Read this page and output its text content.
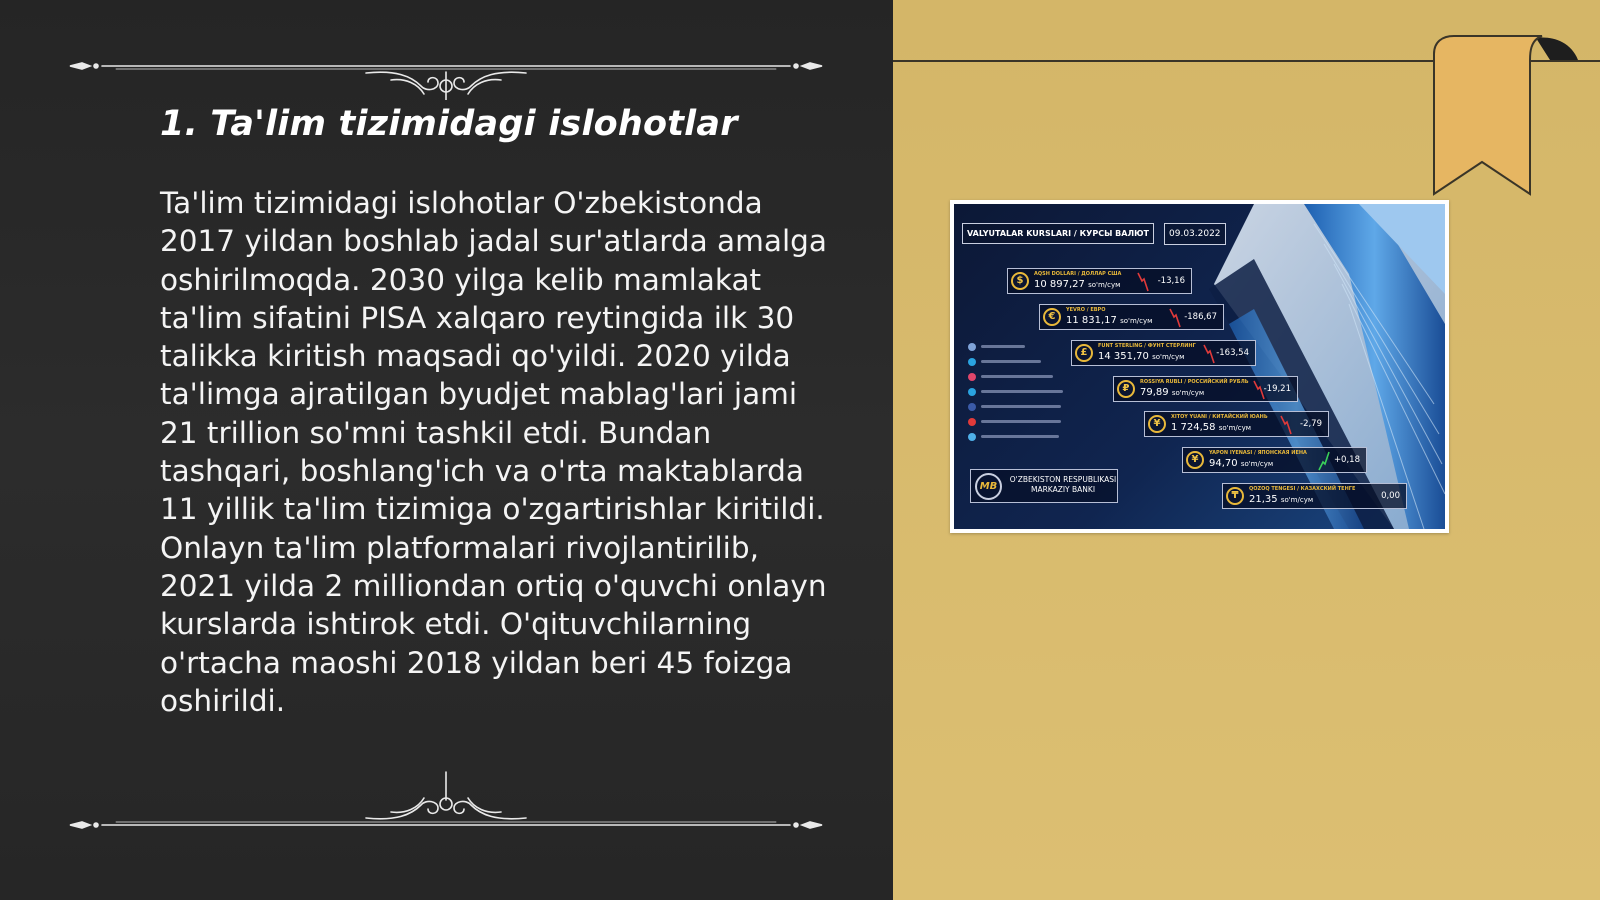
1. Ta'lim tizimidagi islohotlar

Ta'lim tizimidagi islohotlar O'zbekistonda 2017 yildan boshlab jadal sur'atlarda amalga oshirilmoqda. 2030 yilga kelib mamlakat ta'lim sifatini PISA xalqaro reytingida ilk 30 talikka kiritish maqsadi qo'yildi. 2020 yilda ta'limga ajratilgan byudjet mablag'lari jami 21 trillion so'mni tashkil etdi. Bundan tashqari, boshlang'ich va o'rta maktablarda 11 yillik ta'lim tizimiga o'zgartirishlar kiritildi. Onlayn ta'lim platformalari rivojlantirilib, 2021 yilda 2 milliondan ortiq o'quvchi onlayn kurslarda ishtirok etdi. O'qituvchilarning o'rtacha maoshi 2018 yildan beri 45 foizga oshirildi.

VALYUTALAR KURSLARI / КУРСЫ ВАЛЮТ	09.03.2022
$
AQSH DOLLARI / ДОЛЛАР США
10 897,27 so'm/сум	-13,16
€
YEVRO / ЕВРО
11 831,17 so'm/сум	-186,67
£
FUNT STERLING / ФУНТ СТЕРЛИНГ
14 351,70 so'm/сум	-163,54
₽
ROSSIYA RUBLI / РОССИЙСКИЙ РУБЛЬ
79,89 so'm/сум	-19,21
¥
XITOY YUANI / КИТАЙСКИЙ ЮАНЬ
1 724,58 so'm/сум	-2,79
¥
YAPON IYENASI / ЯПОНСКАЯ ИЕНА
94,70 so'm/сум	+0,18
₸
QOZOQ TENGESI / КАЗАХСКИЙ ТЕНГЕ
21,35 so'm/сум	0,00
MB
O'ZBEKISTON RESPUBLIKASI MARKAZIY BANKI
